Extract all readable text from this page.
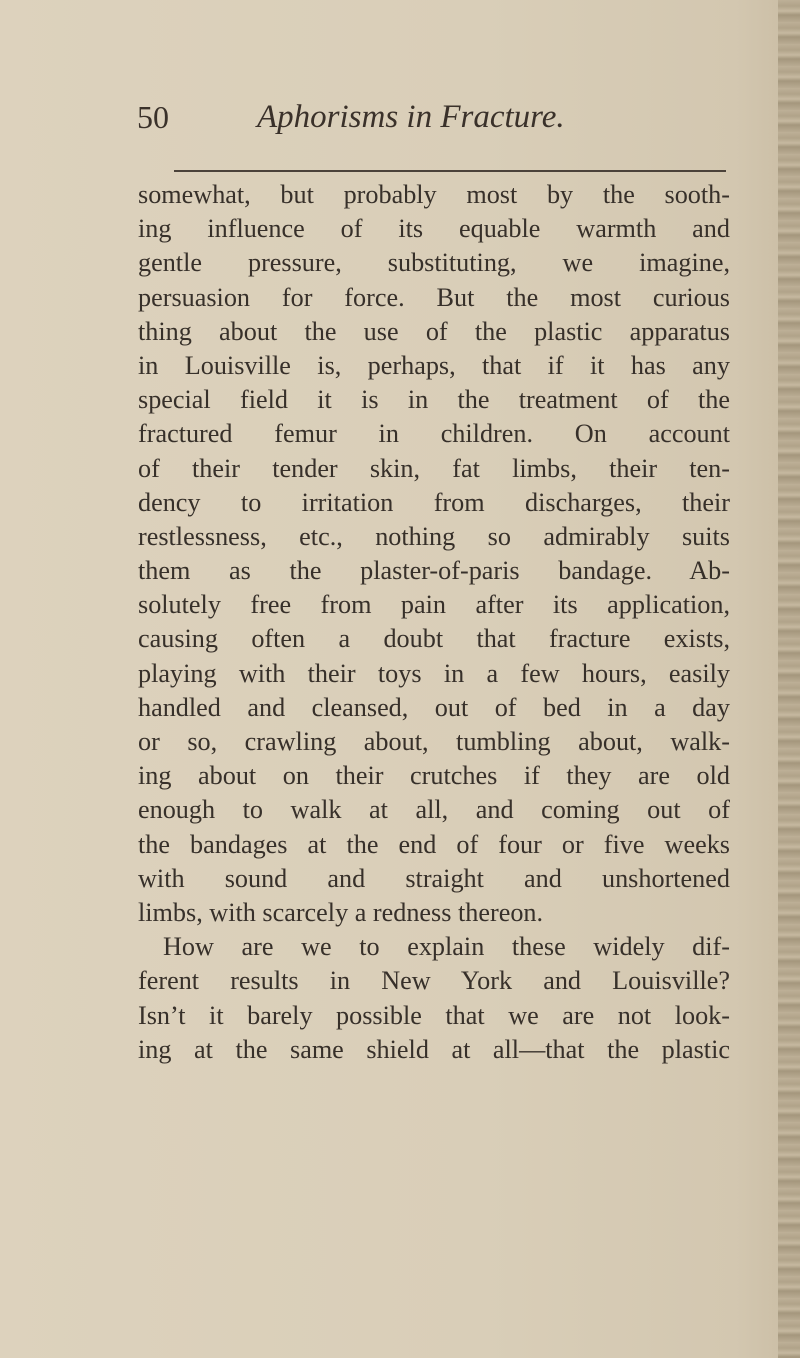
50	Aphorisms in Fracture.
somewhat, but probably most by the sooth-
ing influence of its equable warmth and
gentle pressure, substituting, we imagine,
persuasion for force. But the most curious
thing about the use of the plastic apparatus
in Louisville is, perhaps, that if it has any
special field it is in the treatment of the
fractured femur in children. On account
of their tender skin, fat limbs, their ten-
dency to irritation from discharges, their
restlessness, etc., nothing so admirably suits
them as the plaster-of-paris bandage. Ab-
solutely free from pain after its application,
causing often a doubt that fracture exists,
playing with their toys in a few hours, easily
handled and cleansed, out of bed in a day
or so, crawling about, tumbling about, walk-
ing about on their crutches if they are old
enough to walk at all, and coming out of
the bandages at the end of four or five weeks
with sound and straight and unshortened
limbs, with scarcely a redness thereon.
How are we to explain these widely dif-
ferent results in New York and Louisville?
Isn’t it barely possible that we are not look-
ing at the same shield at all—that the plastic
